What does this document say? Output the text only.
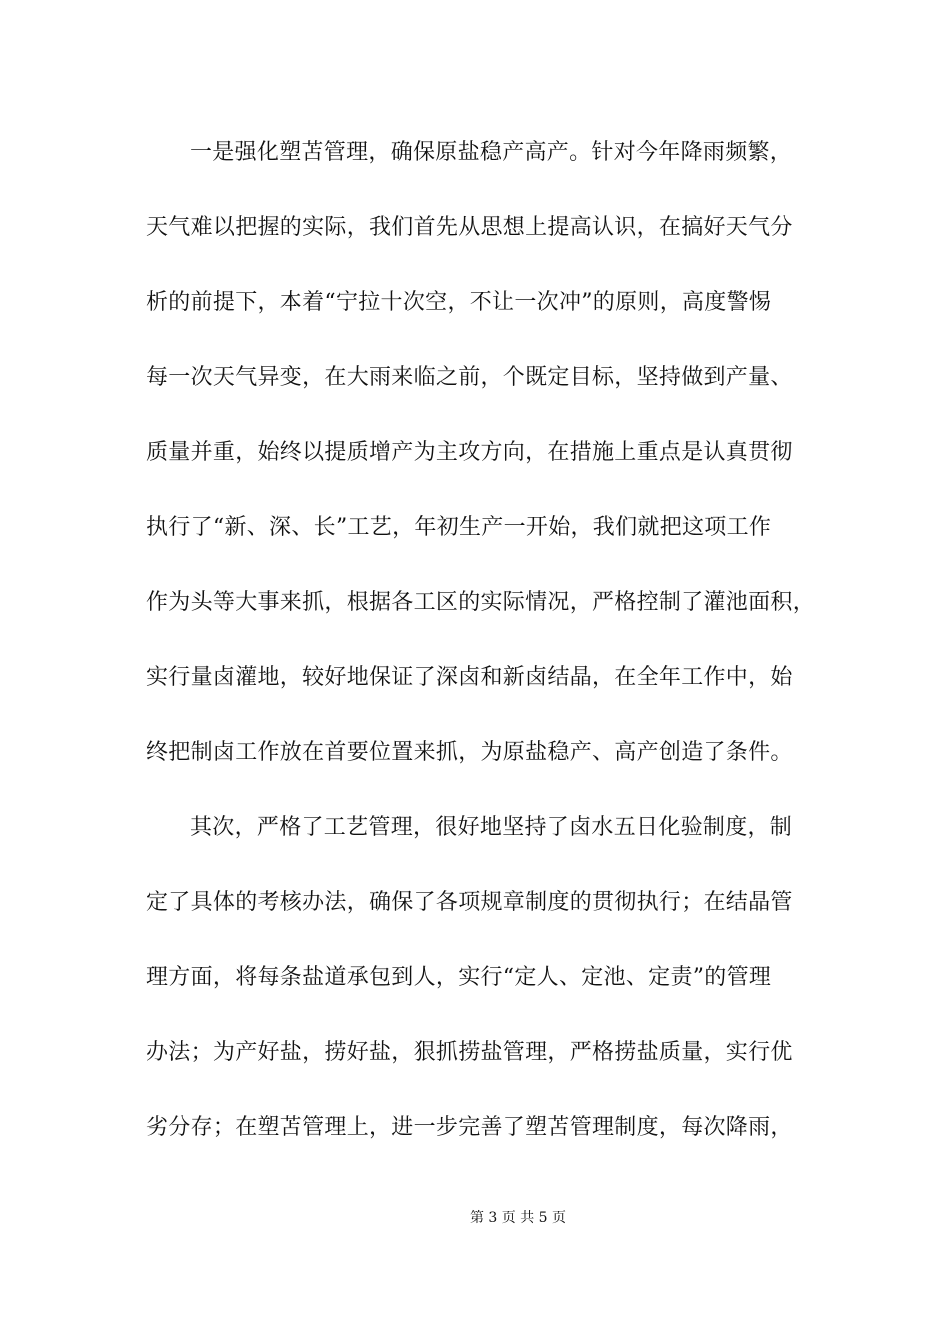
一是强化塑苫管理，确保原盐稳产高产。针对今年降雨频繁，
天气难以把握的实际，我们首先从思想上提高认识，在搞好天气分
析的前提下，本着“宁拉十次空，不让一次冲”的原则，高度警惕
每一次天气异变，在大雨来临之前，个既定目标，坚持做到产量、
质量并重，始终以提质增产为主攻方向，在措施上重点是认真贯彻
执行了“新、深、长”工艺，年初生产一开始，我们就把这项工作
作为头等大事来抓，根据各工区的实际情况，严格控制了灌池面积，
实行量卤灌地，较好地保证了深卤和新卤结晶，在全年工作中，始
终把制卤工作放在首要位置来抓，为原盐稳产、高产创造了条件。
其次，严格了工艺管理，很好地坚持了卤水五日化验制度，制
定了具体的考核办法，确保了各项规章制度的贯彻执行；在结晶管
理方面，将每条盐道承包到人，实行“定人、定池、定责”的管理
办法；为产好盐，捞好盐，狠抓捞盐管理，严格捞盐质量，实行优
劣分存；在塑苫管理上，进一步完善了塑苫管理制度，每次降雨，
第 3 页 共 5 页
